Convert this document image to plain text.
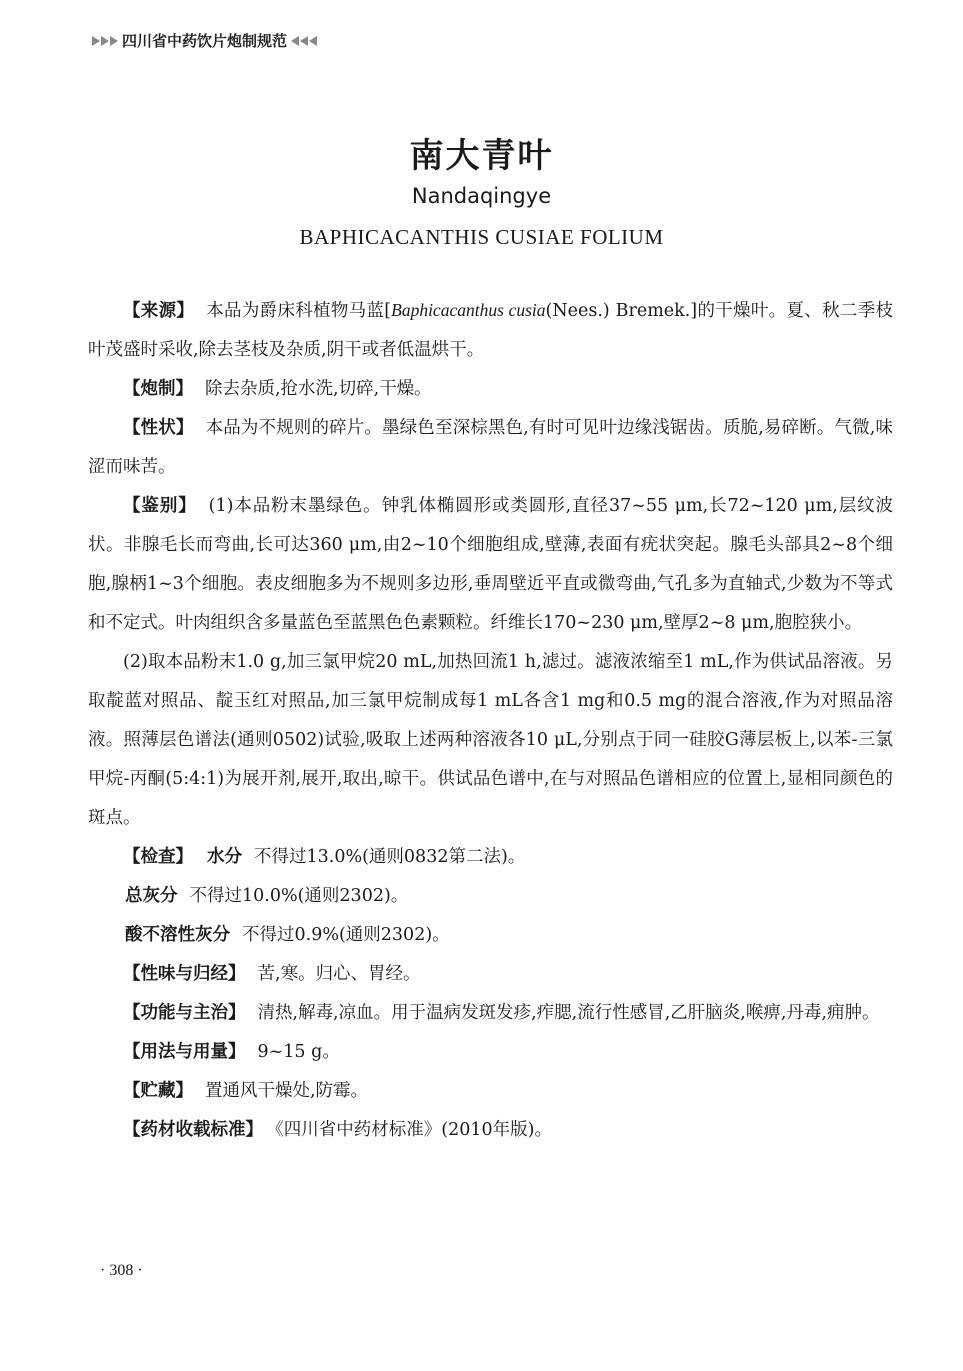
四川省中药饮片炮制规范
南大青叶
Nandaqingye
BAPHICACANTHIS CUSIAE FOLIUM

【来源】 本品为爵床科植物马蓝[Baphicacanthus cusia(Nees.) Bremek.]的干燥叶。夏、秋二季枝叶茂盛时采收,除去茎枝及杂质,阴干或者低温烘干。

【炮制】 除去杂质,抢水洗,切碎,干燥。

【性状】 本品为不规则的碎片。墨绿色至深棕黑色,有时可见叶边缘浅锯齿。质脆,易碎断。气微,味涩而味苦。

【鉴别】 (1)本品粉末墨绿色。钟乳体椭圆形或类圆形,直径37~55 μm,长72~120 μm,层纹波状。非腺毛长而弯曲,长可达360 μm,由2~10个细胞组成,壁薄,表面有疣状突起。腺毛头部具2~8个细胞,腺柄1~3个细胞。表皮细胞多为不规则多边形,垂周壁近平直或微弯曲,气孔多为直轴式,少数为不等式和不定式。叶肉组织含多量蓝色至蓝黑色色素颗粒。纤维长170~230 μm,壁厚2~8 μm,胞腔狭小。

(2)取本品粉末1.0 g,加三氯甲烷20 mL,加热回流1 h,滤过。滤液浓缩至1 mL,作为供试品溶液。另取靛蓝对照品、靛玉红对照品,加三氯甲烷制成每1 mL各含1 mg和0.5 mg的混合溶液,作为对照品溶液。照薄层色谱法(通则0502)试验,吸取上述两种溶液各10 μL,分别点于同一硅胶G薄层板上,以苯-三氯甲烷-丙酮(5:4:1)为展开剂,展开,取出,晾干。供试品色谱中,在与对照品色谱相应的位置上,显相同颜色的斑点。

【检查】 水分 不得过13.0%(通则0832第二法)。

总灰分 不得过10.0%(通则2302)。

酸不溶性灰分 不得过0.9%(通则2302)。

【性味与归经】 苦,寒。归心、胃经。

【功能与主治】 清热,解毒,凉血。用于温病发斑发疹,痄腮,流行性感冒,乙肝脑炎,喉痹,丹毒,痈肿。

【用法与用量】 9~15 g。

【贮藏】 置通风干燥处,防霉。

【药材收载标准】 《四川省中药材标准》(2010年版)。

· 308 ·
